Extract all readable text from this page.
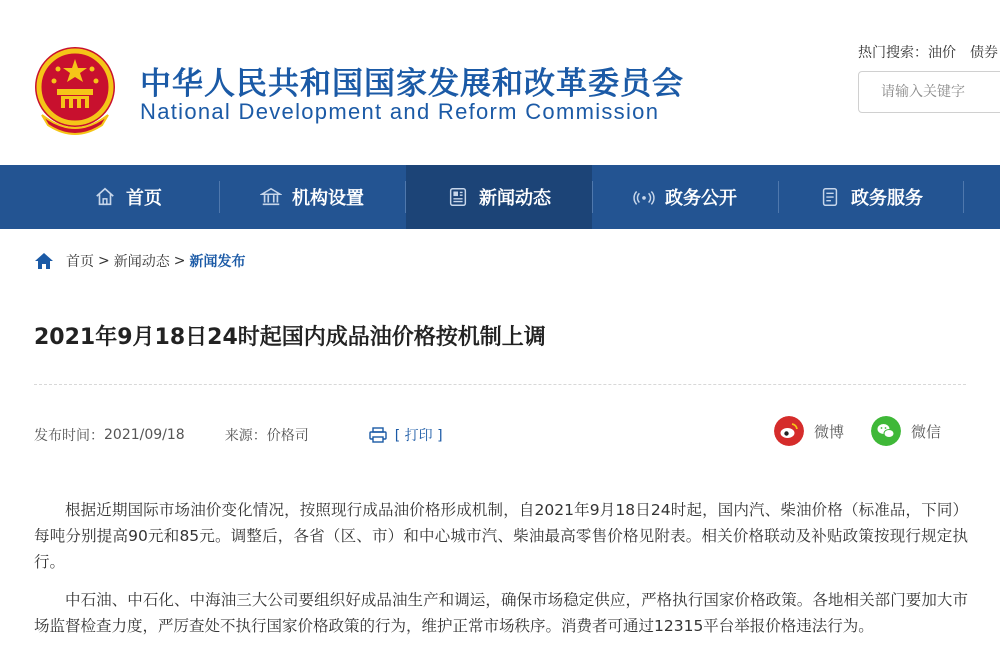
中华人民共和国国家发展和改革委员会
National Development and Reform Commission
热门搜索：油价 债券
请输入关键字
首页	机构设置	新闻动态	政务公开	政务服务
首页 > 新闻动态 > 新闻发布
2021年9月18日24时起国内成品油价格按机制上调
发布时间： 2021/09/18	来源： 价格司	[ 打印 ]	微博	微信

根据近期国际市场油价变化情况，按照现行成品油价格形成机制，自2021年9月18日24时起，国内汽、柴油价格（标准品，下同）每吨分别提高90元和85元。调整后，各省（区、市）和中心城市汽、柴油最高零售价格见附表。相关价格联动及补贴政策按现行规定执行。

中石油、中石化、中海油三大公司要组织好成品油生产和调运，确保市场稳定供应，严格执行国家价格政策。各地相关部门要加大市场监督检查力度，严厉查处不执行国家价格政策的行为，维护正常市场秩序。消费者可通过12315平台举报价格违法行为。
